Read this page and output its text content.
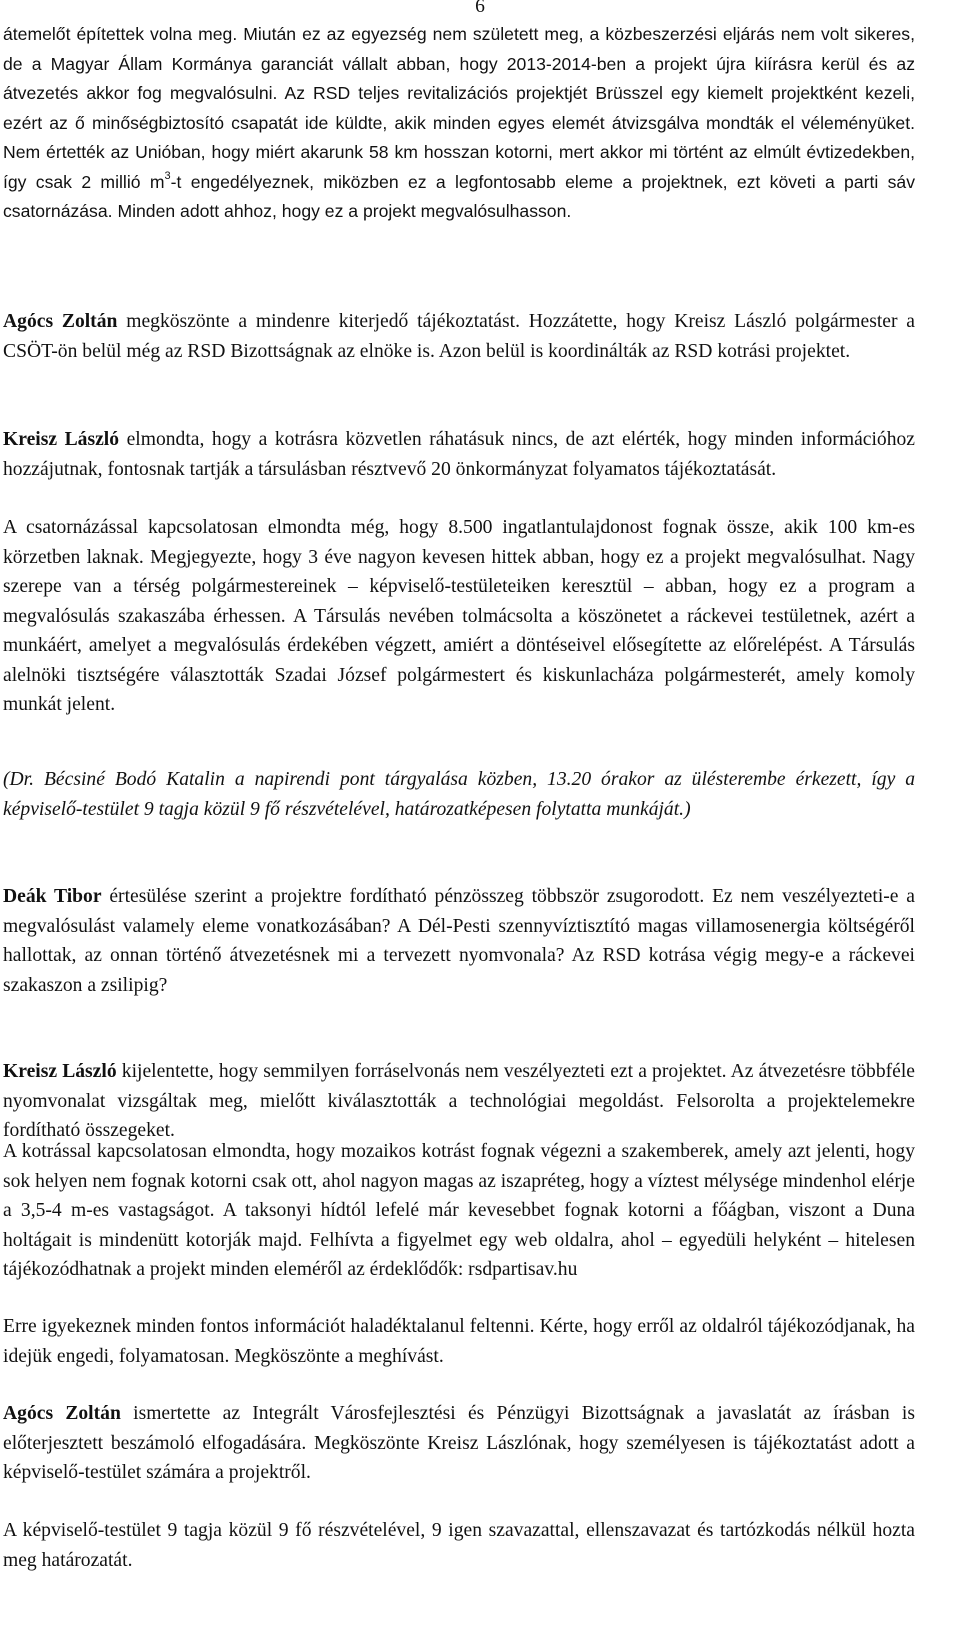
6
átemelőt építettek volna meg. Miután ez az egyezség nem született meg, a közbeszerzési eljárás nem volt sikeres, de a Magyar Állam Kormánya garanciát vállalt abban, hogy 2013-2014-ben a projekt újra kiírásra kerül és az átvezetés akkor fog megvalósulni. Az RSD teljes revitalizációs projektjét Brüsszel egy kiemelt projektként kezeli, ezért az ő minőségbiztosító csapatát ide küldte, akik minden egyes elemét átvizsgálva mondták el véleményüket. Nem értették az Unióban, hogy miért akarunk 58 km hosszan kotorni, mert akkor mi történt az elmúlt évtizedekben, így csak 2 millió $m^3-t$ engedélyeznek, miközben ez a legfontosabb eleme a projektnek, ezt követi a parti sáv csatornázása. Minden adott ahhoz, hogy ez a projekt megvalósulhasson.
Agócs Zoltán megköszönte a mindenre kiterjedő tájékoztatást. Hozzátette, hogy Kreisz László polgármester a CSÖT-ön belül még az RSD Bizottságnak az elnöke is. Azon belül is koordinálták az RSD kotrási projektet.
Kreisz László elmondta, hogy a kotrásra közvetlen ráhatásuk nincs, de azt elérték, hogy minden információhoz hozzájutnak, fontosnak tartják a társulásban résztvevő 20 önkormányzat folyamatos tájékoztatását.
A csatornázással kapcsolatosan elmondta még, hogy 8.500 ingatlantulajdonost fognak össze, akik 100 km-es körzetben laknak. Megjegyezte, hogy 3 éve nagyon kevesen hittek abban, hogy ez a projekt megvalósulhat. Nagy szerepe van a térség polgármestereinek – képviselő-testületeiken keresztül – abban, hogy ez a program a megvalósulás szakaszába érhessen. A Társulás nevében tolmácsolta a köszönetet a ráckevei testületnek, azért a munkáért, amelyet a megvalósulás érdekében végzett, amiért a döntéseivel elősegítette az előrelépést. A Társulás alelnöki tisztségére választották Szadai József polgármestert és kiskunlacháza polgármesterét, amely komoly munkát jelent.
(Dr. Bécsiné Bodó Katalin a napirendi pont tárgyalása közben, 13.20 órakor az ülésterembe érkezett, így a képviselő-testület 9 tagja közül 9 fő részvételével, határozatképesen folytatta munkáját.)
Deák Tibor értesülése szerint a projektre fordítható pénzösszeg többször zsugorodott. Ez nem veszélyezteti-e a megvalósulást valamely eleme vonatkozásában? A Dél-Pesti szennyvíztisztító magas villamosenergia költségéről hallottak, az onnan történő átvezetésnek mi a tervezett nyomvonala? Az RSD kotrása végig megy-e a ráckevei szakaszon a zsilipig?
Kreisz László kijelentette, hogy semmilyen forráselvonás nem veszélyezteti ezt a projektet. Az átvezetésre többféle nyomvonalat vizsgáltak meg, mielőtt kiválasztották a technológiai megoldást. Felsorolta a projektelemekre fordítható összegeket.
A kotrással kapcsolatosan elmondta, hogy mozaikos kotrást fognak végezni a szakemberek, amely azt jelenti, hogy sok helyen nem fognak kotorni csak ott, ahol nagyon magas az iszapréteg, hogy a víztest mélysége mindenhol elérje a 3,5-4 m-es vastagságot. A taksonyi hídtól lefelé már kevesebbet fognak kotorni a főágban, viszont a Duna holtágait is mindenütt kotorják majd. Felhívta a figyelmet egy web oldalra, ahol – egyedüli helyként – hitelesen tájékozódhatnak a projekt minden eleméről az érdeklődők: rsdpartisav.hu
Erre igyekeznek minden fontos információt haladéktalanul feltenni. Kérte, hogy erről az oldalról tájékozódjanak, ha idejük engedi, folyamatosan. Megköszönte a meghívást.
Agócs Zoltán ismertette az Integrált Városfejlesztési és Pénzügyi Bizottságnak a javaslatát az írásban is előterjesztett beszámoló elfogadására. Megköszönte Kreisz Lászlónak, hogy személyesen is tájékoztatást adott a képviselő-testület számára a projektről.
A képviselő-testület 9 tagja közül 9 fő részvételével, 9 igen szavazattal, ellenszavazat és tartózkodás nélkül hozta meg határozatát.
